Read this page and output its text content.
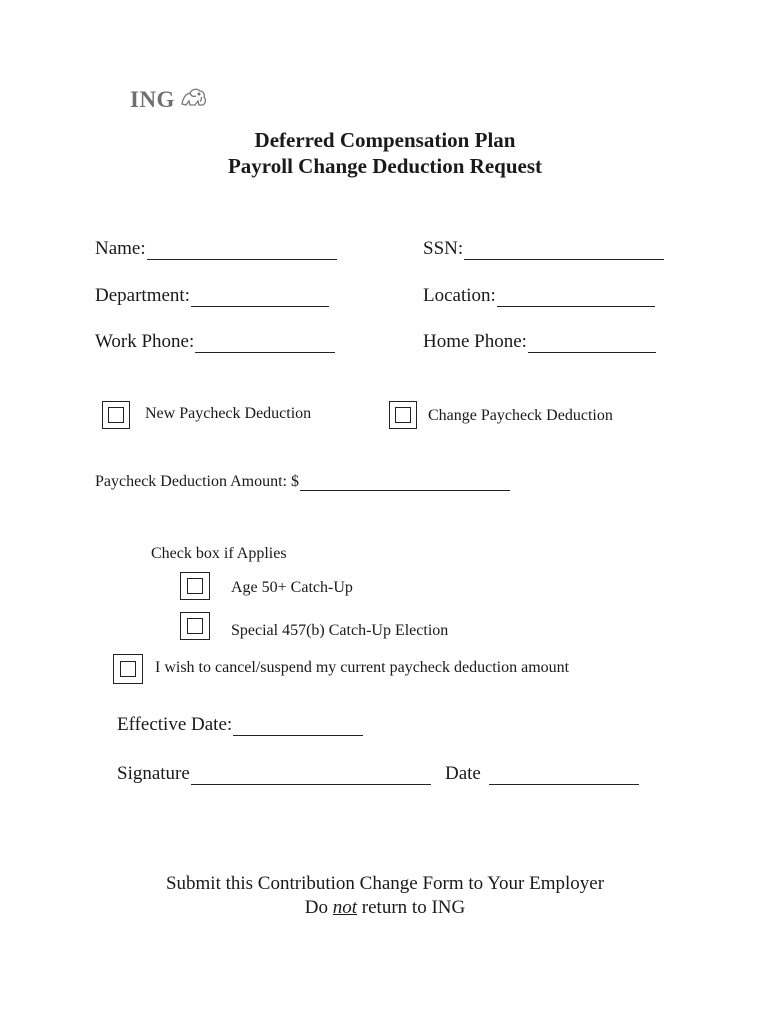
ING
Deferred Compensation Plan
Payroll Change Deduction Request
Name:	SSN:
Department:	Location:
Work Phone:	Home Phone:
New Paycheck Deduction	Change Paycheck Deduction
Paycheck Deduction Amount: $
Check box if Applies
Age 50+ Catch-Up
Special 457(b) Catch-Up Election
I wish to cancel/suspend my current paycheck deduction amount
Effective Date:
Signature	Date
Submit this Contribution Change Form to Your Employer
Do not return to ING
